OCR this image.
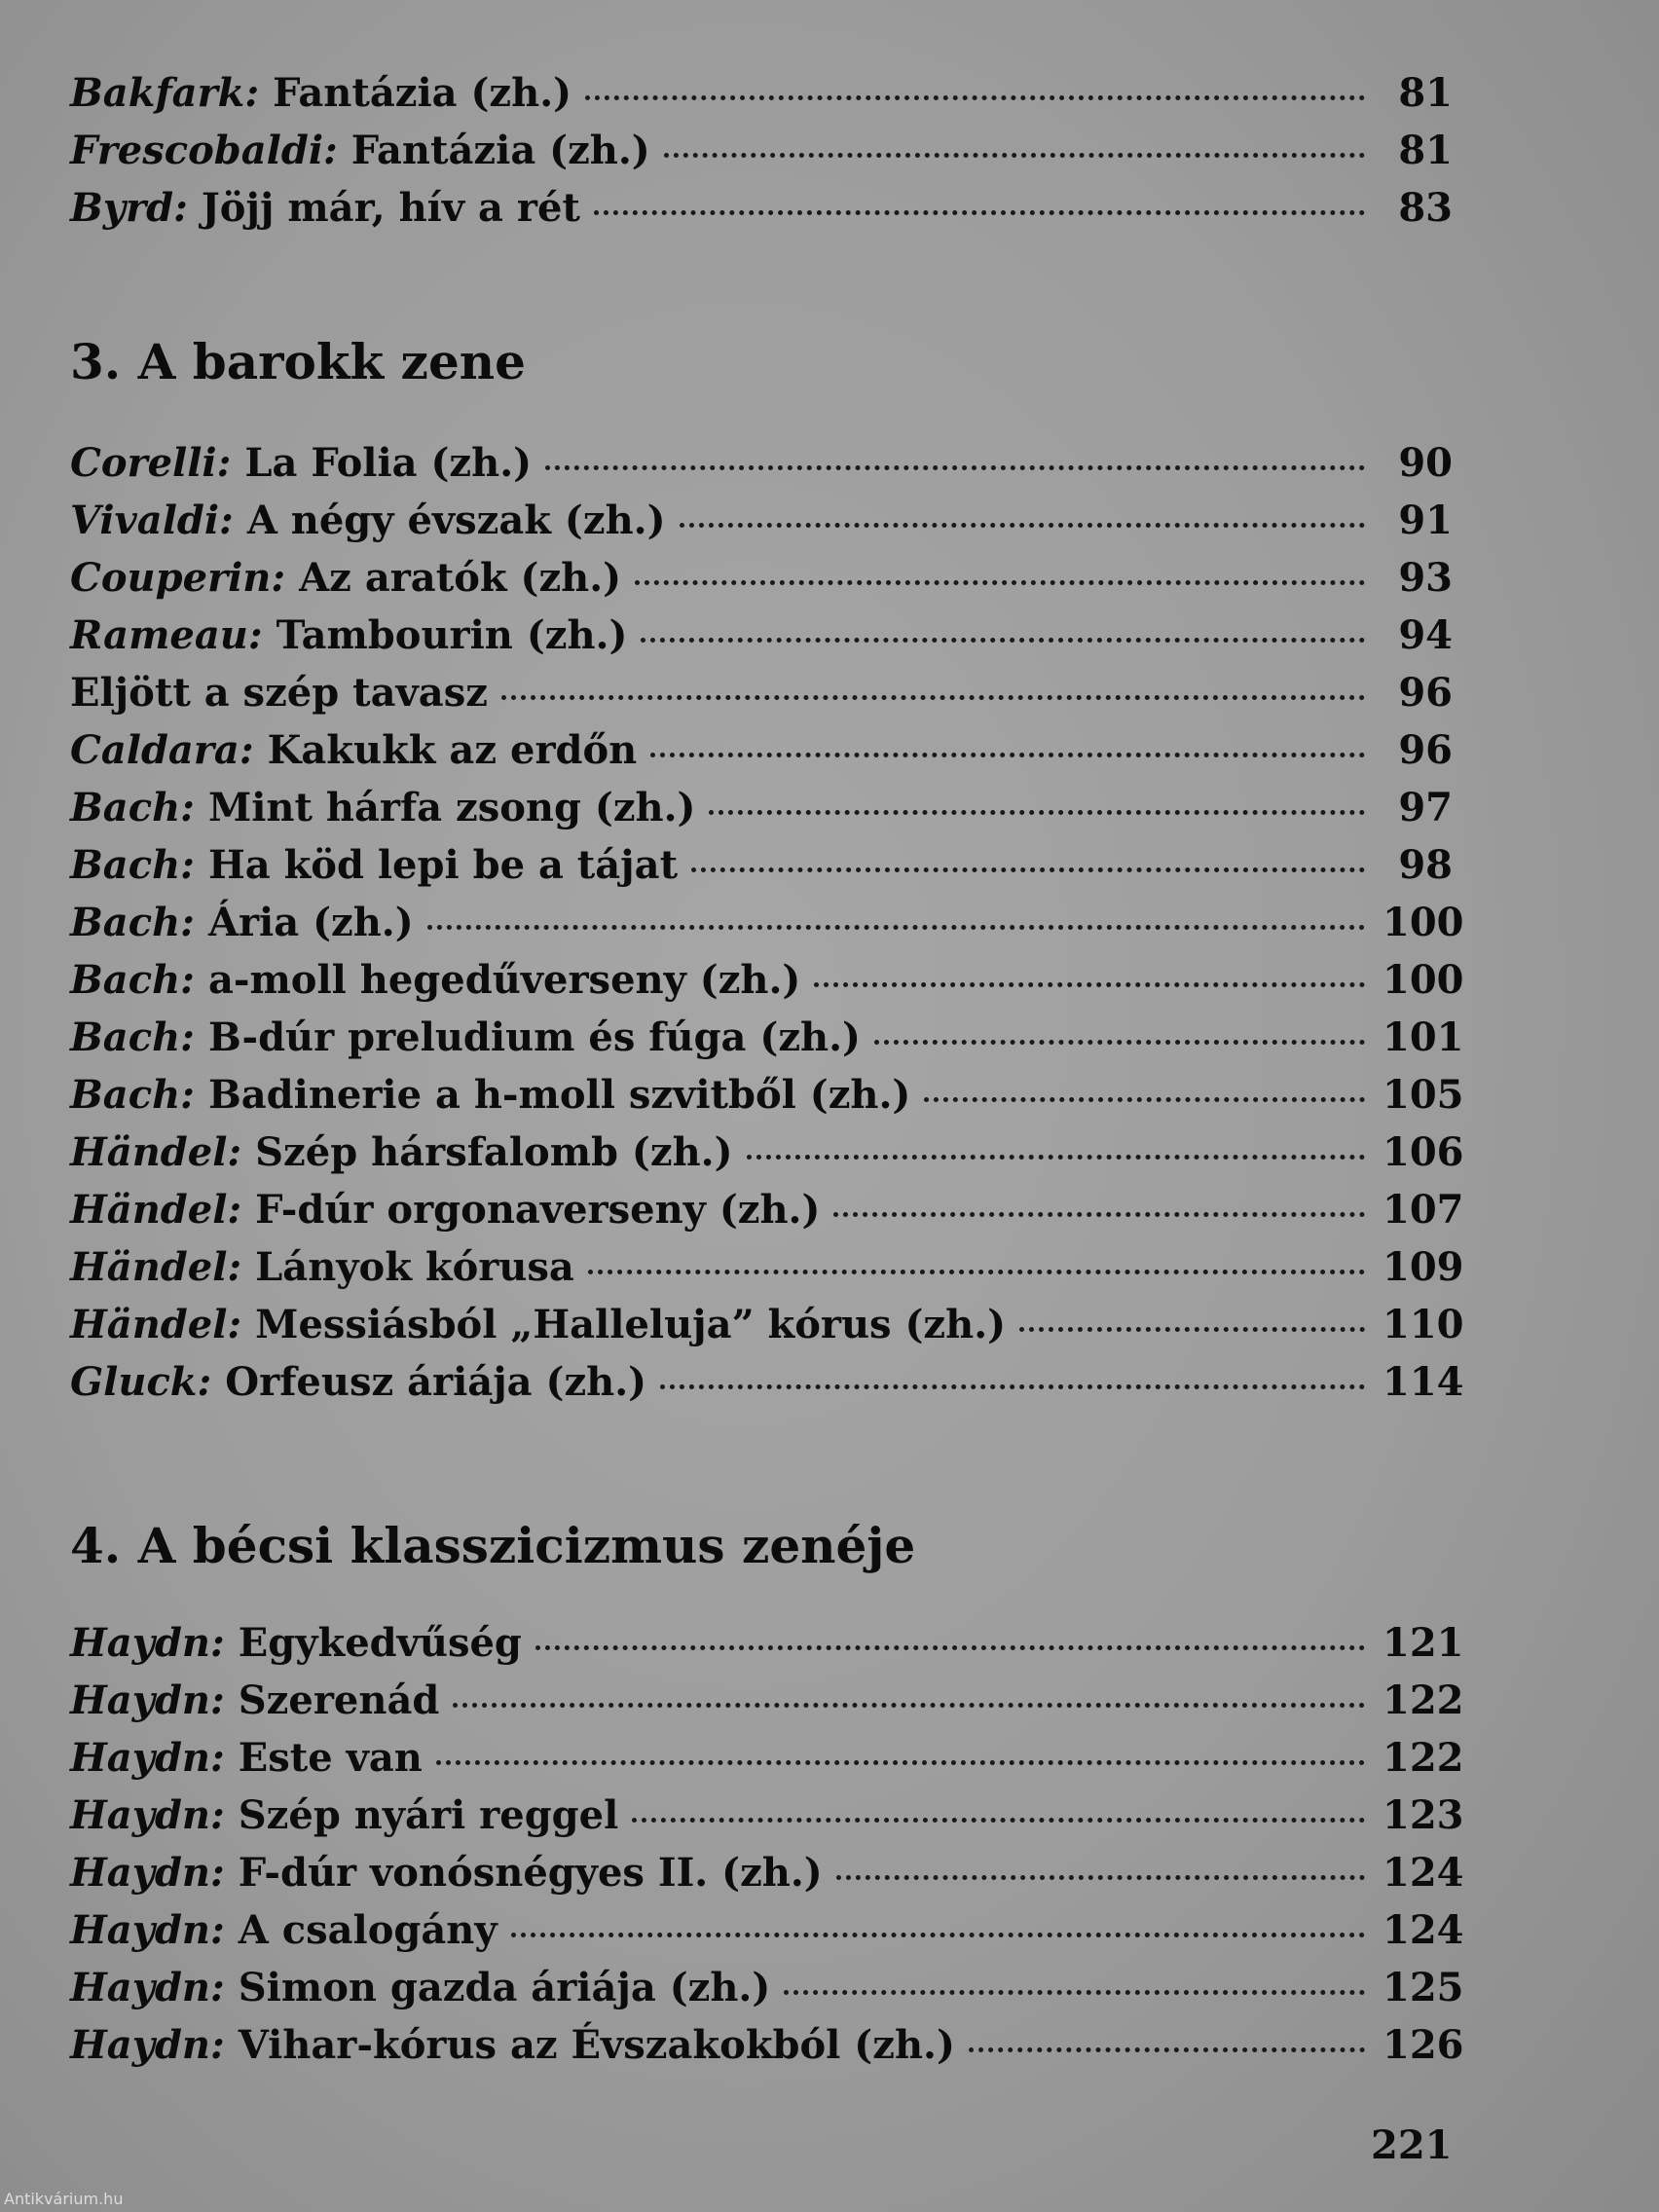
Bakfark: Fantázia (zh.)	81
Frescobaldi: Fantázia (zh.)	81
Byrd: Jöjj már, hív a rét	83
3. A barokk zene
Corelli: La Folia (zh.)	90
Vivaldi: A négy évszak (zh.)	91
Couperin: Az aratók (zh.)	93
Rameau: Tambourin (zh.)	94
Eljött a szép tavasz	96
Caldara: Kakukk az erdőn	96
Bach: Mint hárfa zsong (zh.)	97
Bach: Ha köd lepi be a tájat	98
Bach: Ária (zh.)	100
Bach: a-moll hegedűverseny (zh.)	100
Bach: B-dúr preludium és fúga (zh.)	101
Bach: Badinerie a h-moll szvitből (zh.)	105
Händel: Szép hársfalomb (zh.)	106
Händel: F-dúr orgonaverseny (zh.)	107
Händel: Lányok kórusa	109
Händel: Messiásból „Halleluja” kórus (zh.)	110
Gluck: Orfeusz áriája (zh.)	114
4. A bécsi klasszicizmus zenéje
Haydn: Egykedvűség	121
Haydn: Szerenád	122
Haydn: Este van	122
Haydn: Szép nyári reggel	123
Haydn: F-dúr vonósnégyes II. (zh.)	124
Haydn: A csalogány	124
Haydn: Simon gazda áriája (zh.)	125
Haydn: Vihar-kórus az Évszakokból (zh.)	126
221
Antikvárium.hu
